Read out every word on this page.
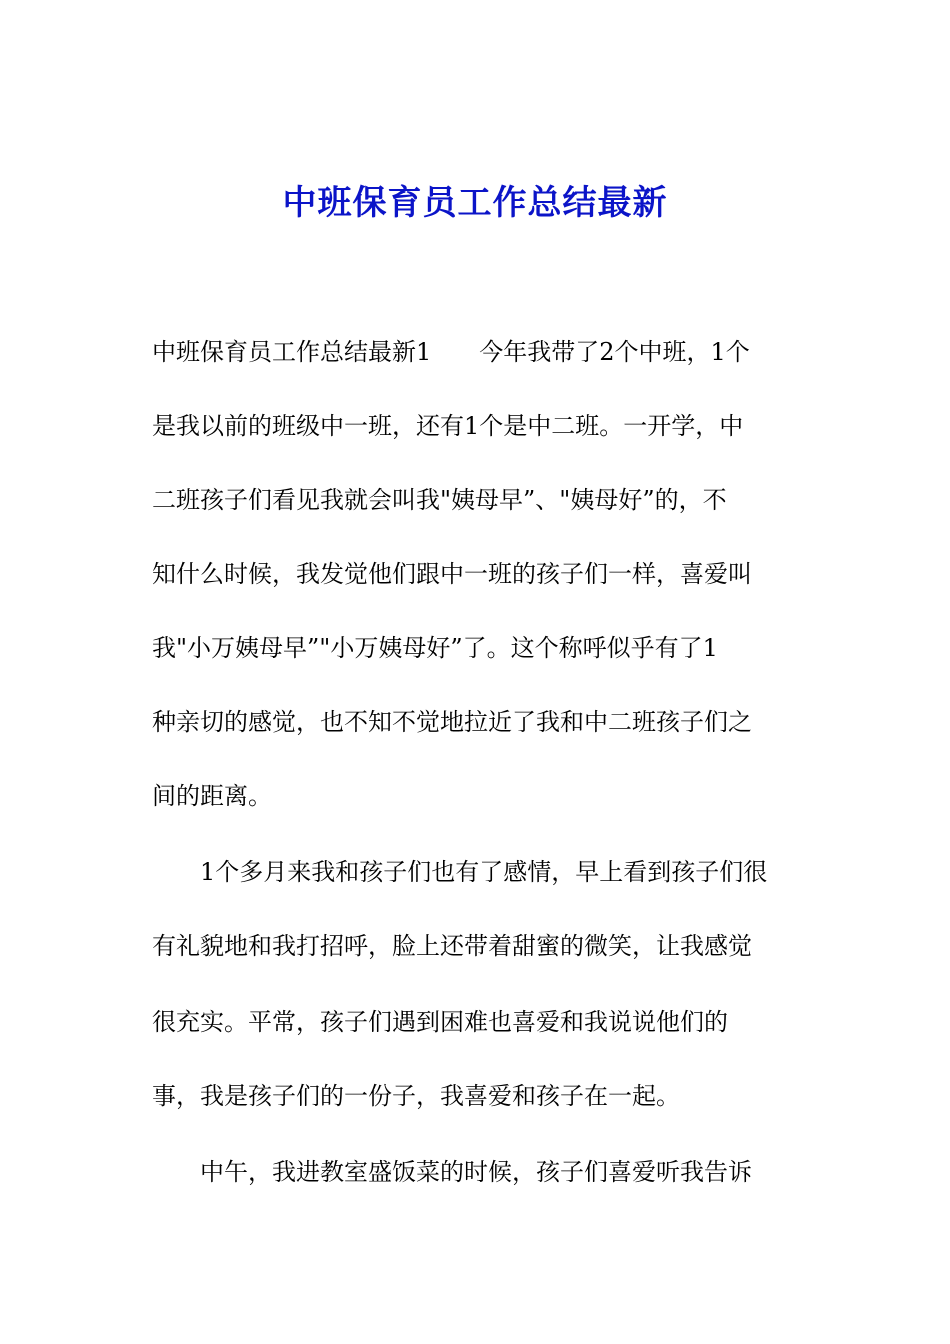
中班保育员工作总结最新

中班保育员工作总结最新1　　今年我带了2个中班，1个

是我以前的班级中一班，还有1个是中二班。一开学，中

二班孩子们看见我就会叫我"姨母早”、"姨母好”的，不

知什么时候，我发觉他们跟中一班的孩子们一样，喜爱叫

我"小万姨母早”"小万姨母好”了。这个称呼似乎有了1

种亲切的感觉，也不知不觉地拉近了我和中二班孩子们之

间的距离。

　　1个多月来我和孩子们也有了感情，早上看到孩子们很

有礼貌地和我打招呼，脸上还带着甜蜜的微笑，让我感觉

很充实。平常，孩子们遇到困难也喜爱和我说说他们的

事，我是孩子们的一份子，我喜爱和孩子在一起。

　　中午，我进教室盛饭菜的时候，孩子们喜爱听我告诉
